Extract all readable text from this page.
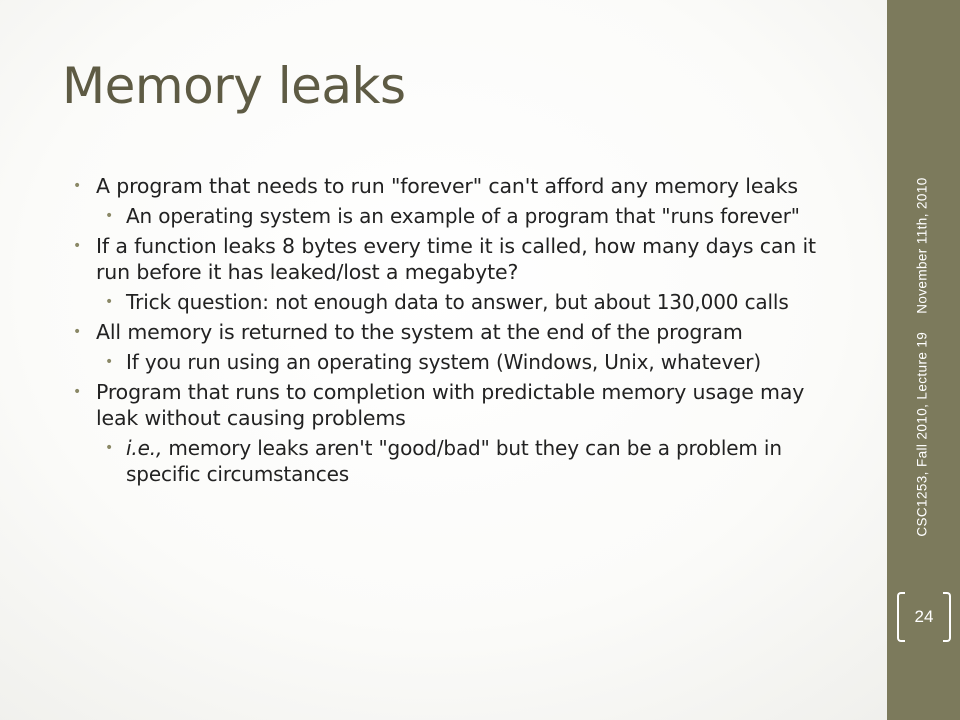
Memory leaks
• A program that needs to run "forever" can't afford any memory leaks
• An operating system is an example of a program that "runs forever"
• If a function leaks 8 bytes every time it is called, how many days can it run before it has leaked/lost a megabyte?
• Trick question: not enough data to answer, but about 130,000 calls
• All memory is returned to the system at the end of the program
• If you run using an operating system (Windows, Unix, whatever)
• Program that runs to completion with predictable memory usage may leak without causing problems
• i.e., memory leaks aren't "good/bad" but they can be a problem in specific circumstances	CSC1253, Fall 2010, Lecture 19November 11th, 2010
24
